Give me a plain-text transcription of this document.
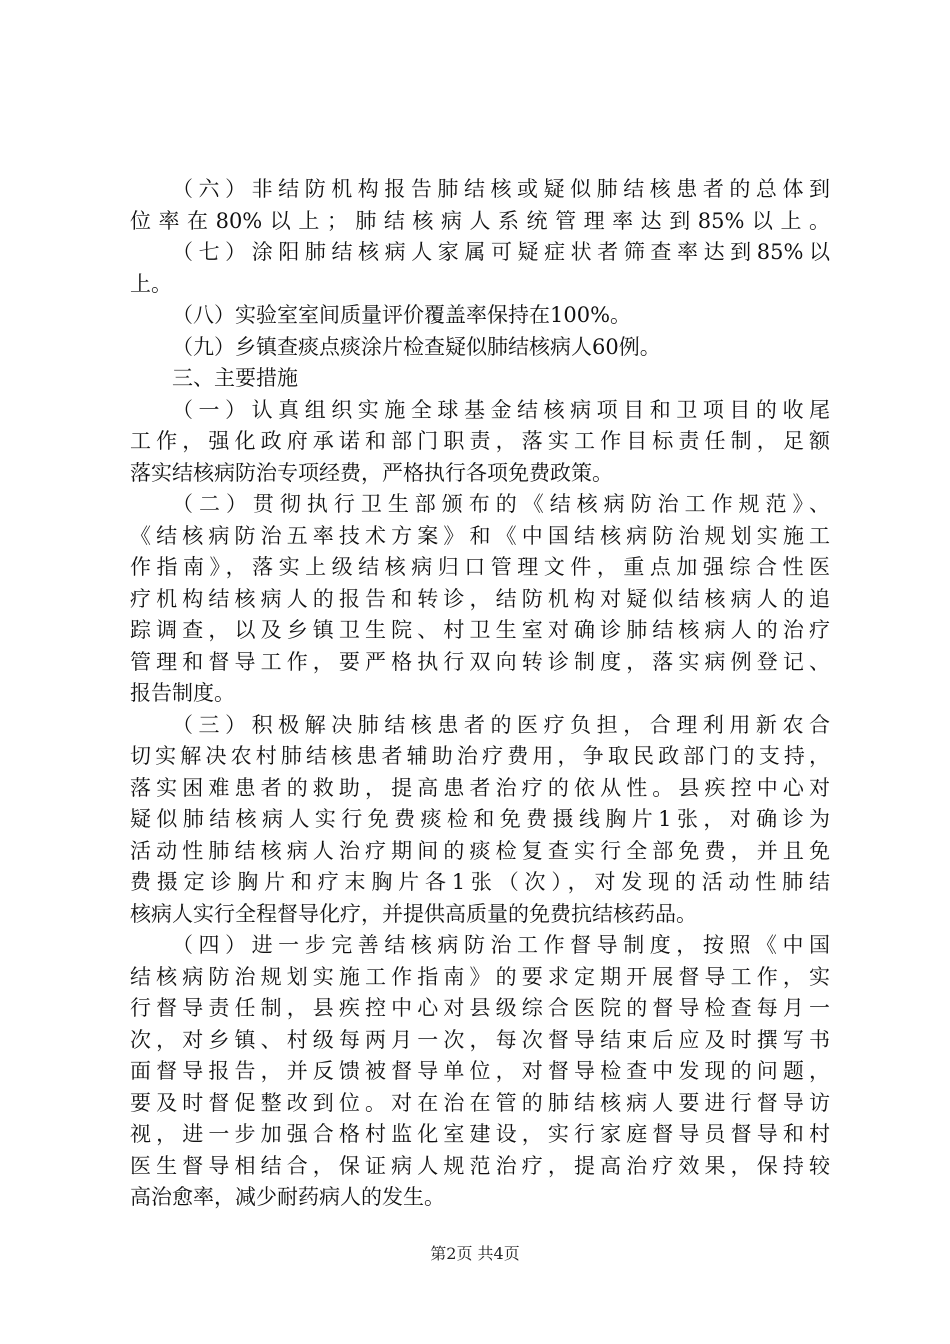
（六）非结防机构报告肺结核或疑似肺结核患者的总体到
位率在80%以上；肺结核病人系统管理率达到85%以上。
（七）涂阳肺结核病人家属可疑症状者筛查率达到85%以
上。
（八）实验室室间质量评价覆盖率保持在100%。
（九）乡镇查痰点痰涂片检查疑似肺结核病人60例。
三、主要措施
（一）认真组织实施全球基金结核病项目和卫项目的收尾
工作，强化政府承诺和部门职责，落实工作目标责任制，足额
落实结核病防治专项经费，严格执行各项免费政策。
（二）贯彻执行卫生部颁布的《结核病防治工作规范》、
《结核病防治五率技术方案》和《中国结核病防治规划实施工
作指南》，落实上级结核病归口管理文件，重点加强综合性医
疗机构结核病人的报告和转诊，结防机构对疑似结核病人的追
踪调查，以及乡镇卫生院、村卫生室对确诊肺结核病人的治疗
管理和督导工作，要严格执行双向转诊制度，落实病例登记、
报告制度。
（三）积极解决肺结核患者的医疗负担，合理利用新农合
切实解决农村肺结核患者辅助治疗费用，争取民政部门的支持，
落实困难患者的救助，提高患者治疗的依从性。县疾控中心对
疑似肺结核病人实行免费痰检和免费摄线胸片1张，对确诊为
活动性肺结核病人治疗期间的痰检复查实行全部免费，并且免
费摄定诊胸片和疗末胸片各1张（次），对发现的活动性肺结
核病人实行全程督导化疗，并提供高质量的免费抗结核药品。
（四）进一步完善结核病防治工作督导制度，按照《中国
结核病防治规划实施工作指南》的要求定期开展督导工作，实
行督导责任制，县疾控中心对县级综合医院的督导检查每月一
次，对乡镇、村级每两月一次，每次督导结束后应及时撰写书
面督导报告，并反馈被督导单位，对督导检查中发现的问题，
要及时督促整改到位。对在治在管的肺结核病人要进行督导访
视，进一步加强合格村监化室建设，实行家庭督导员督导和村
医生督导相结合，保证病人规范治疗，提高治疗效果，保持较
高治愈率，减少耐药病人的发生。
第2页 共4页
